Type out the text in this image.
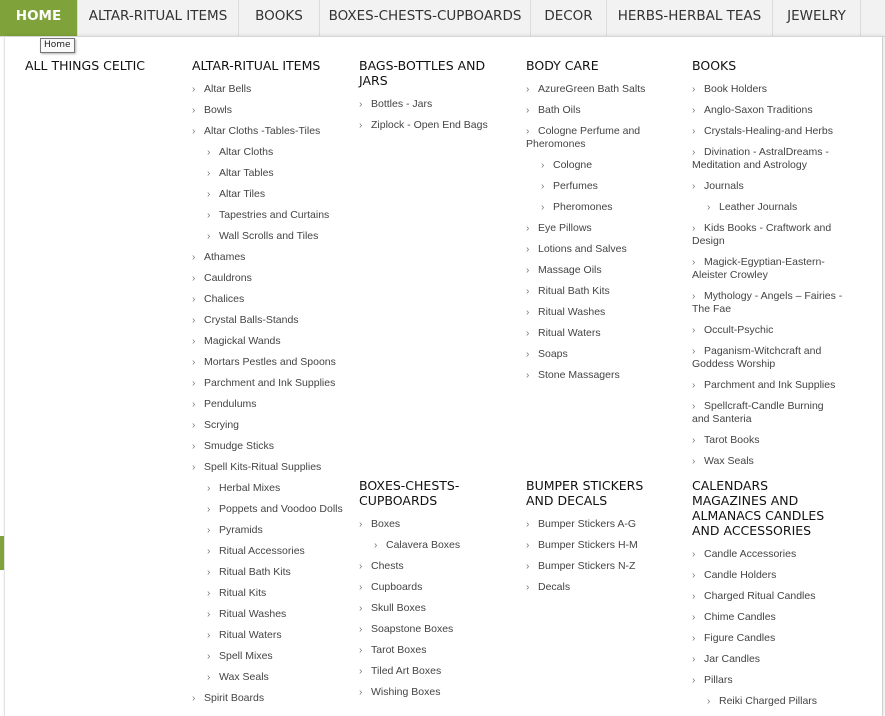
HOME	ALTAR-RITUAL ITEMS	BOOKS	BOXES-CHESTS-CUPBOARDS	DECOR	HERBS-HERBAL TEAS	JEWELRY
Home
ALL THINGS CELTIC	ALTAR-RITUAL ITEMS
› Altar Bells
› Bowls
› Altar Cloths -Tables-Tiles
› Altar Cloths
› Altar Tables
› Altar Tiles
› Tapestries and Curtains
› Wall Scrolls and Tiles
› Athames
› Cauldrons
› Chalices
› Crystal Balls-Stands
› Magickal Wands
› Mortars Pestles and Spoons
› Parchment and Ink Supplies
› Pendulums
› Scrying
› Smudge Sticks
› Spell Kits-Ritual Supplies
› Herbal Mixes
› Poppets and Voodoo Dolls
› Pyramids
› Ritual Accessories
› Ritual Bath Kits
› Ritual Kits
› Ritual Washes
› Ritual Waters
› Spell Mixes
› Wax Seals
› Spirit Boards
BAGS-BOTTLES AND JARS
› Bottles - Jars
› Ziplock - Open End Bags
BOXES-CHESTS-CUPBOARDS
› Boxes
› Calavera Boxes
› Chests
› Cupboards
› Skull Boxes
› Soapstone Boxes
› Tarot Boxes
› Tiled Art Boxes
› Wishing Boxes
BODY CARE
› AzureGreen Bath Salts
› Bath Oils
› Cologne Perfume and Pheromones
› Cologne
› Perfumes
› Pheromones
› Eye Pillows
› Lotions and Salves
› Massage Oils
› Ritual Bath Kits
› Ritual Washes
› Ritual Waters
› Soaps
› Stone Massagers
BUMPER STICKERS AND DECALS
› Bumper Stickers A-G
› Bumper Stickers H-M
› Bumper Stickers N-Z
› Decals
BOOKS
› Book Holders
› Anglo-Saxon Traditions
› Crystals-Healing-and Herbs
› Divination - AstralDreams - Meditation and Astrology
› Journals
› Leather Journals
› Kids Books - Craftwork and Design
› Magick-Egyptian-Eastern-Aleister Crowley
› Mythology - Angels – Fairies - The Fae
› Occult-Psychic
› Paganism-Witchcraft and Goddess Worship
› Parchment and Ink Supplies
› Spellcraft-Candle Burning and Santeria
› Tarot Books
› Wax Seals
CALENDARS MAGAZINES AND ALMANACS CANDLES AND ACCESSORIES
› Candle Accessories
› Candle Holders
› Charged Ritual Candles
› Chime Candles
› Figure Candles
› Jar Candles
› Pillars
› Reiki Charged Pillars
